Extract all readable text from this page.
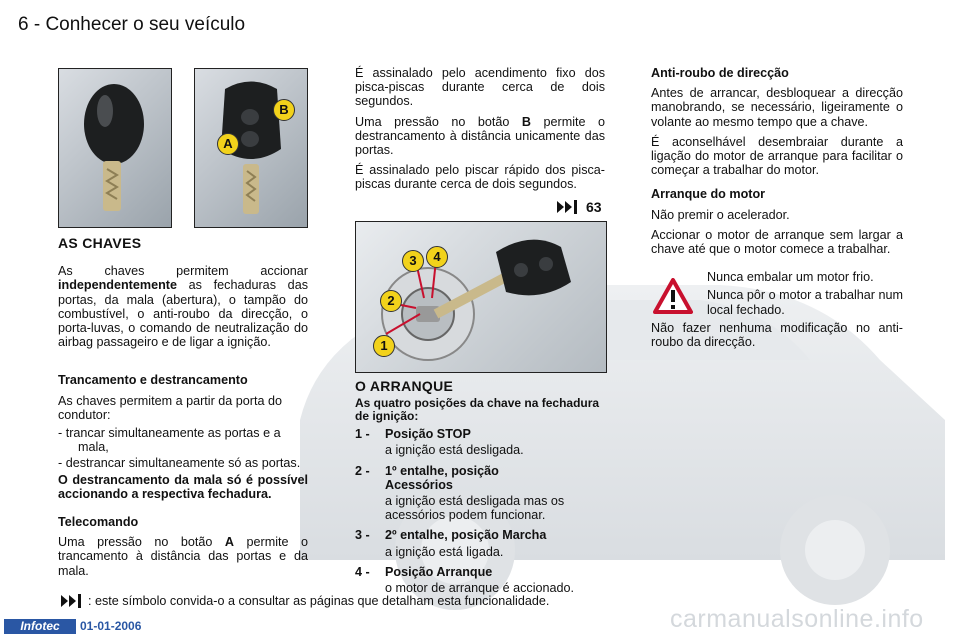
6 - Conhecer o seu veículo
B
A
AS CHAVES

As chaves permitem accionar independentemente as fechaduras das portas, da mala (abertura), o tampão do combustível, o anti-roubo da direcção, o porta-luvas, o comando de neutralização do airbag passageiro e de ligar a ignição.

Trancamento e destrancamento

As chaves permitem a partir da porta do condutor:

- trancar simultaneamente as portas e a mala,
- destrancar simultaneamente só as portas.

O destrancamento da mala só é possível accionando a respectiva fechadura.

Telecomando

Uma pressão no botão A permite o trancamento à distância das portas e da mala.

É assinalado pelo acendimento fixo dos pisca-piscas durante cerca de dois segundos.

Uma pressão no botão B permite o destrancamento à distância unicamente das portas.

É assinalado pelo piscar rápido dos pisca-piscas durante cerca de dois segundos.

63
1
2
3	4
O ARRANQUE
As quatro posições da chave na fechadura de ignição:
1 -	Posição STOP
a ignição está desligada.
2 -	1º entalhe, posição Acessórios
a ignição está desligada mas os acessórios podem funcionar.
3 -	2º entalhe, posição Marcha
a ignição está ligada.
4 -	Posição Arranque
o motor de arranque é accionado.
Anti-roubo de direcção

Antes de arrancar, desbloquear a direcção manobrando, se necessário, ligeiramente o volante ao mesmo tempo que a chave.

É aconselhável desembraiar durante a ligação do motor de arranque para facilitar o começar a trabalhar do motor.

Arranque do motor

Não premir o acelerador.

Accionar o motor de arranque sem largar a chave até que o motor comece a trabalhar.

Nunca embalar um motor frio.

Nunca pôr o motor a trabalhar num local fechado.

Não fazer nenhuma modificação no anti-roubo da direcção.

: este símbolo convida-o a consultar as páginas que detalham esta funcionalidade.
Infotec	01-01-2006	carmanualsonline.info
